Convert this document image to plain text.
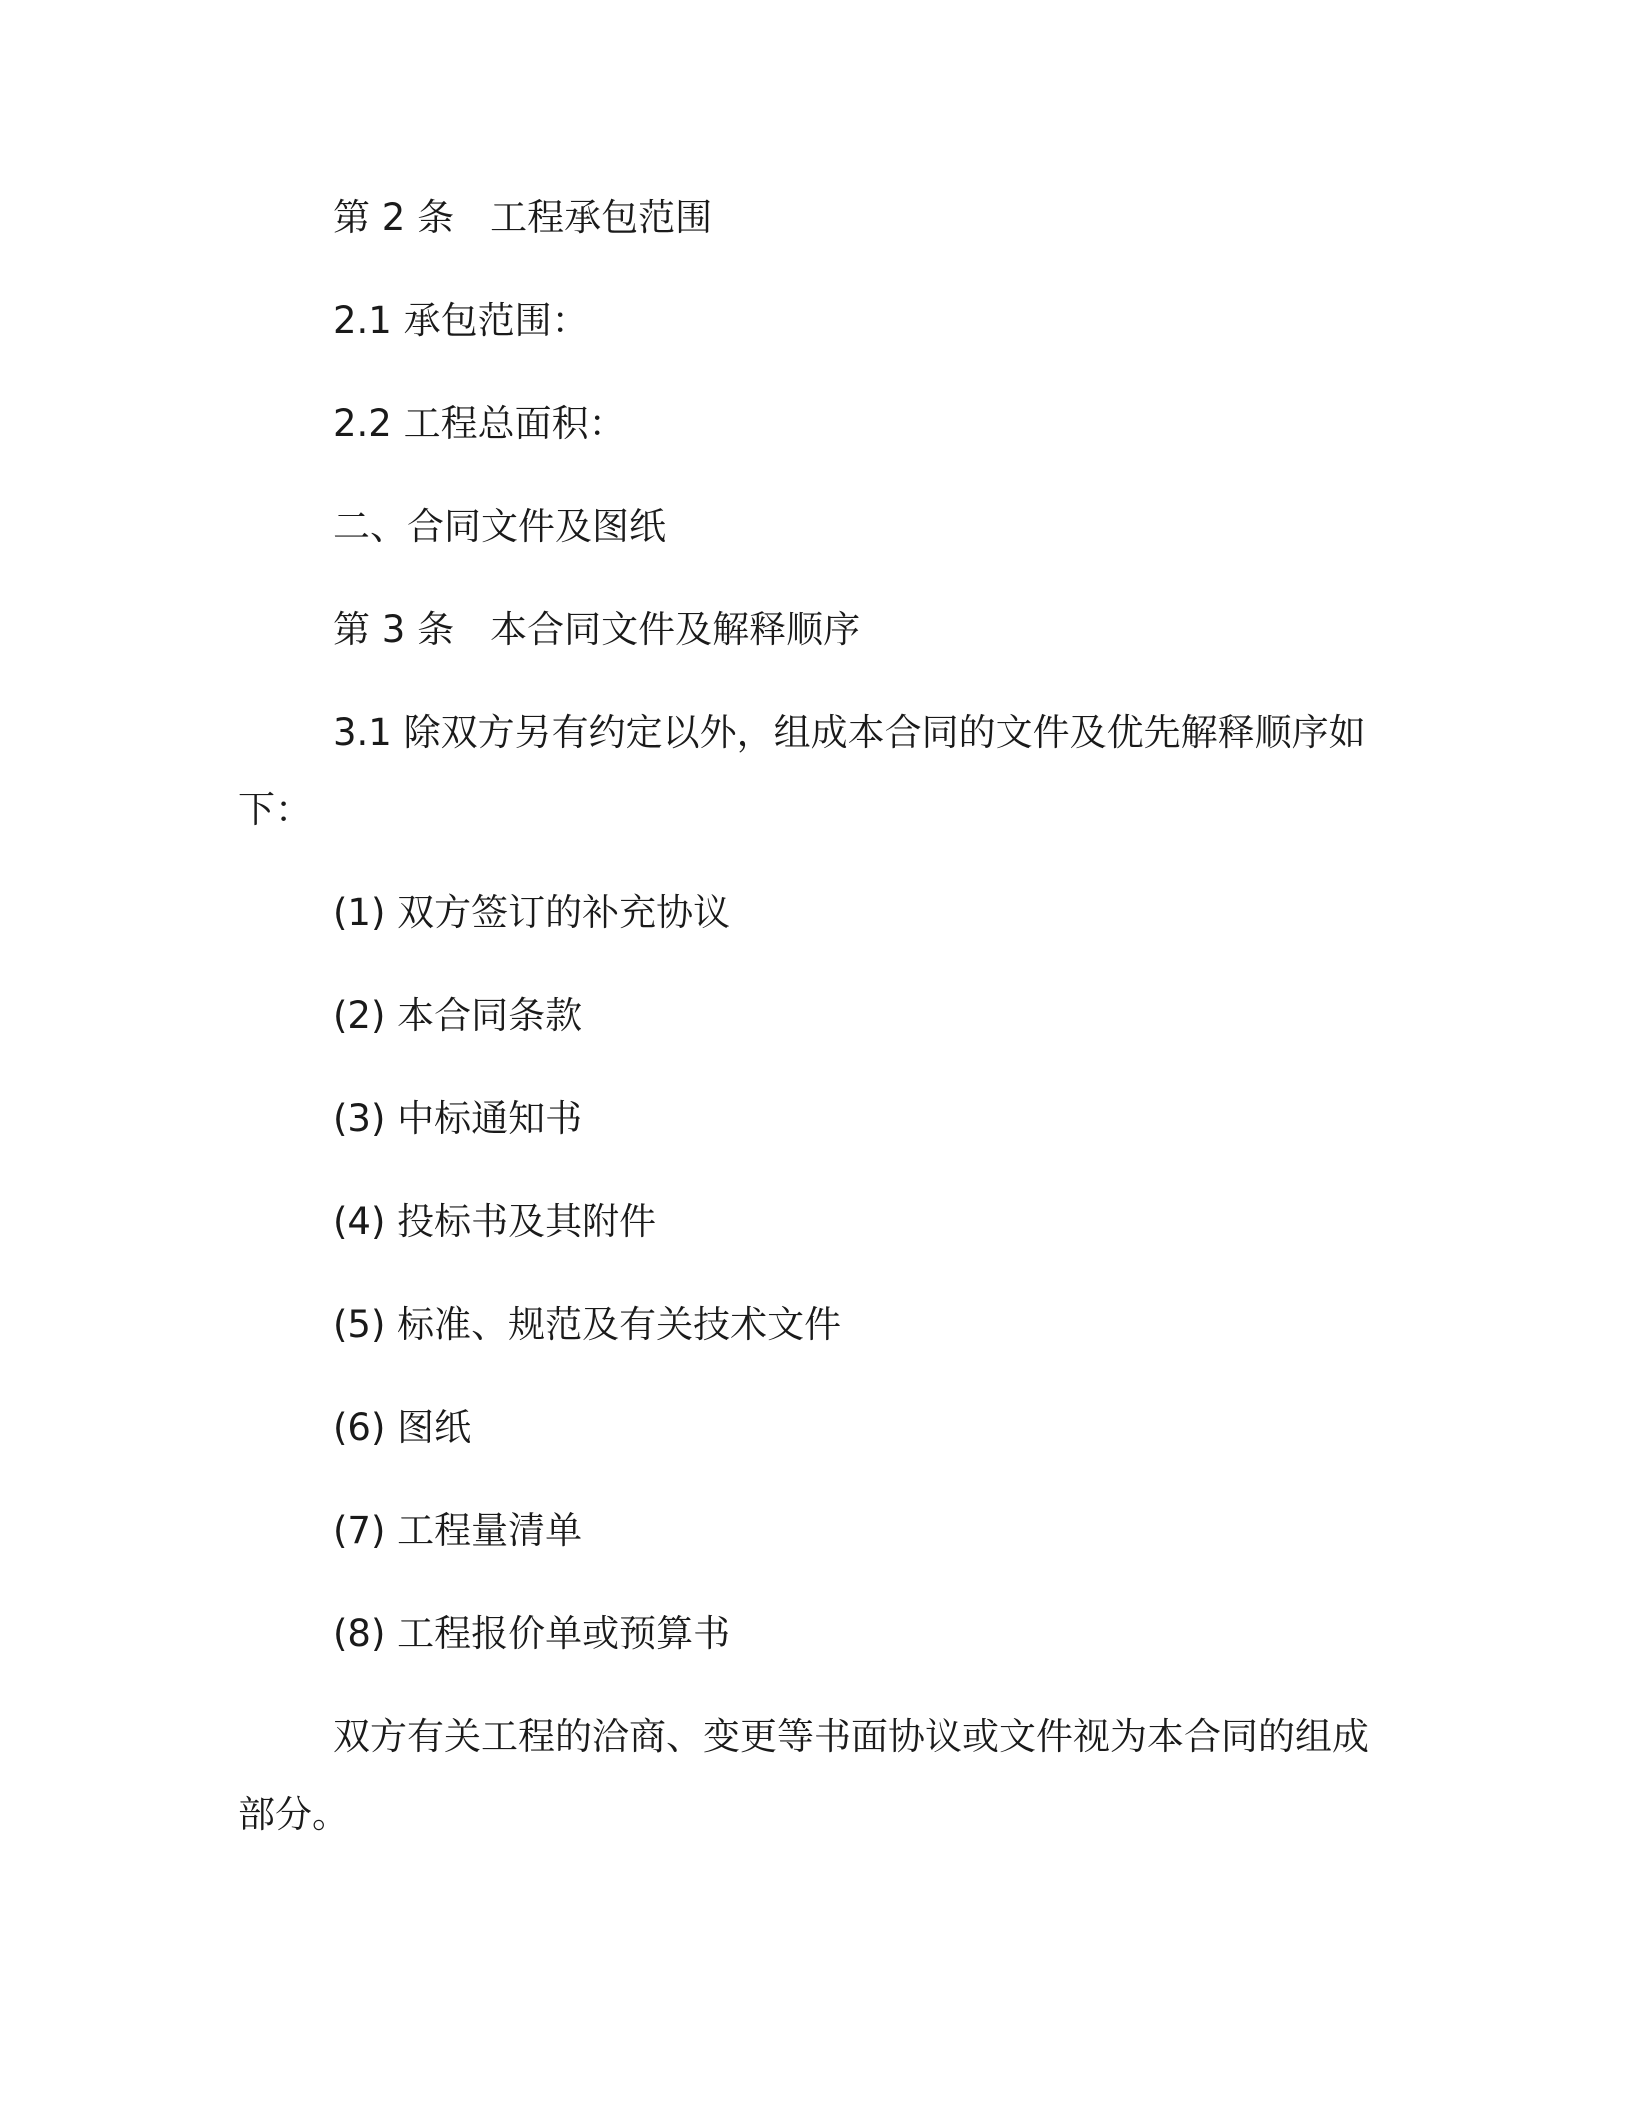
第 2 条 工程承包范围

2.1 承包范围：

2.2 工程总面积：

二、合同文件及图纸

第 3 条 本合同文件及解释顺序

3.1 除双方另有约定以外，组成本合同的文件及优先解释顺序如

下：

(1) 双方签订的补充协议

(2) 本合同条款

(3) 中标通知书

(4) 投标书及其附件

(5) 标准、规范及有关技术文件

(6) 图纸

(7) 工程量清单

(8) 工程报价单或预算书

双方有关工程的洽商、变更等书面协议或文件视为本合同的组成

部分。
